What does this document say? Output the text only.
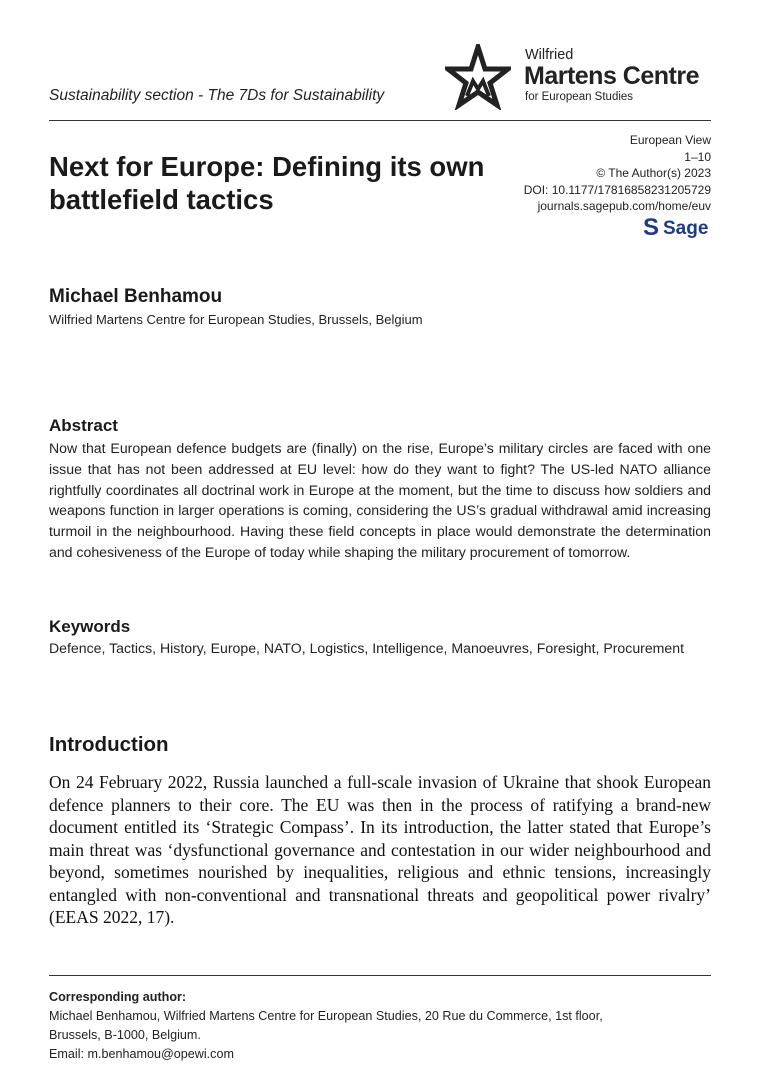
Sustainability section - The 7Ds for Sustainability
Wilfried
Martens Centre
for European Studies
Next for Europe: Defining its own battlefield tactics
European View
1–10
© The Author(s) 2023
DOI: 10.1177/17816858231205729
journals.sagepub.com/home/euv
S Sage
Michael Benhamou
Wilfried Martens Centre for European Studies, Brussels, Belgium
Abstract
Now that European defence budgets are (finally) on the rise, Europe’s military circles are faced with one issue that has not been addressed at EU level: how do they want to fight? The US-led NATO alliance rightfully coordinates all doctrinal work in Europe at the moment, but the time to discuss how soldiers and weapons function in larger operations is coming, considering the US’s gradual withdrawal amid increasing turmoil in the neighbourhood. Having these field concepts in place would demonstrate the determination and cohesiveness of the Europe of today while shaping the military procurement of tomorrow.
Keywords
Defence, Tactics, History, Europe, NATO, Logistics, Intelligence, Manoeuvres, Foresight, Procurement
Introduction
On 24 February 2022, Russia launched a full-scale invasion of Ukraine that shook European defence planners to their core. The EU was then in the process of ratifying a brand-new document entitled its ‘Strategic Compass’. In its introduction, the latter stated that Europe’s main threat was ‘dysfunctional governance and contestation in our wider neighbourhood and beyond, sometimes nourished by inequalities, religious and ethnic tensions, increasingly entangled with non-conventional and transnational threats and geopolitical power rivalry’ (EEAS 2022, 17).
Corresponding author:
Michael Benhamou, Wilfried Martens Centre for European Studies, 20 Rue du Commerce, 1st floor,
Brussels, B-1000, Belgium.
Email: m.benhamou@opewi.com
